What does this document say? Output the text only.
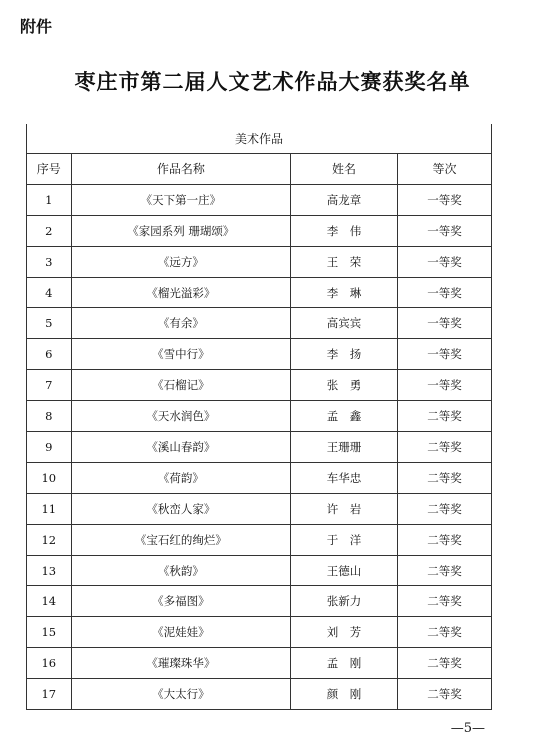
附件
枣庄市第二届人文艺术作品大赛获奖名单
美术作品			
序号	作品名称	姓名	等次
1	《天下第一庄》	高龙章	一等奖
2	《家园系列 珊瑚颂》	李　伟	一等奖
3	《远方》	王　荣	一等奖
4	《榴光溢彩》	李　琳	一等奖
5	《有余》	高宾宾	一等奖
6	《雪中行》	李　扬	一等奖
7	《石榴记》	张　勇	一等奖
8	《天水润色》	孟　鑫	二等奖
9	《溪山春韵》	王珊珊	二等奖
10	《荷韵》	车华忠	二等奖
11	《秋峦人家》	许　岩	二等奖
12	《宝石红的绚烂》	于　洋	二等奖
13	《秋韵》	王德山	二等奖
14	《多福图》	张新力	二等奖
15	《泥娃娃》	刘　芳	二等奖
16	《璀璨珠华》	孟　刚	二等奖
17	《大太行》	颜　刚	二等奖
—5—
